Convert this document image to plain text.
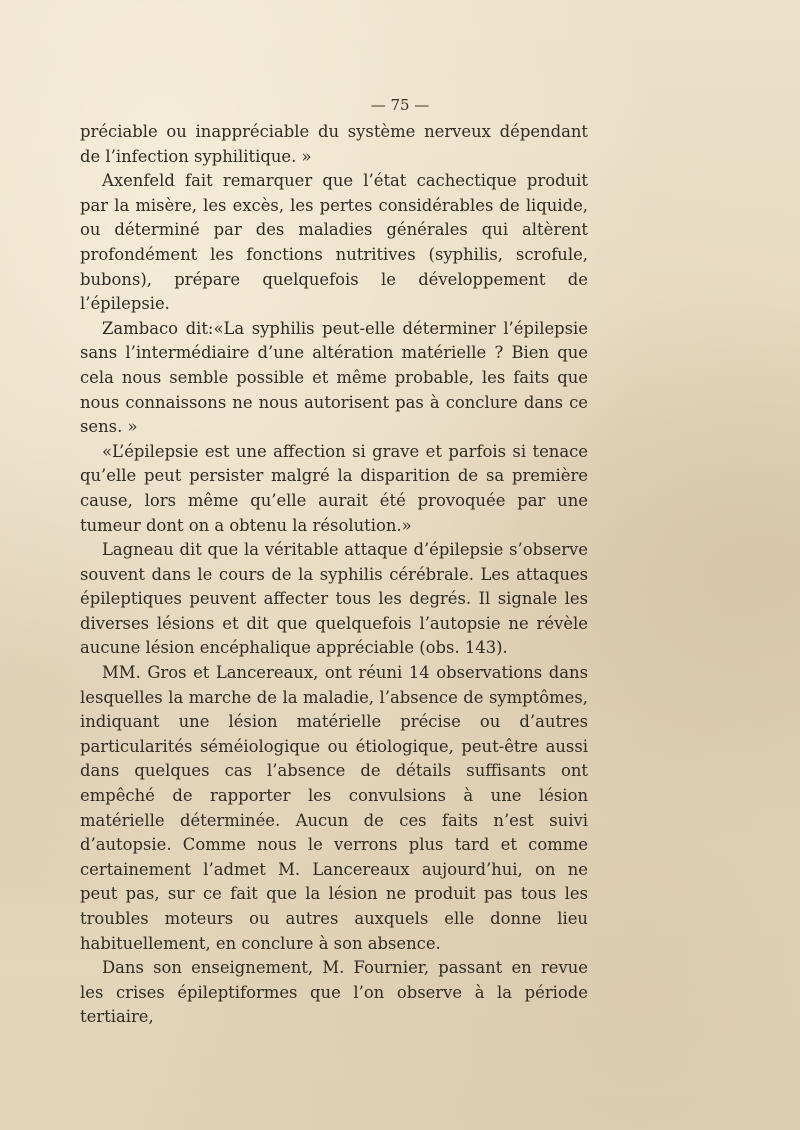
— 75 —

préciable ou inappréciable du système nerveux dépendant de l’infection syphilitique. »

Axenfeld fait remarquer que l’état cachectique produit par la misère, les excès, les pertes considérables de liquide, ou déterminé par des maladies générales qui altèrent profondément les fonctions nutritives (syphilis, scrofule, bubons), prépare quelquefois le développement de l’épilepsie.

Zambaco dit:«La syphilis peut-elle déterminer l’épilepsie sans l’intermédiaire d’une altération matérielle ? Bien que cela nous semble possible et même probable, les faits que nous connaissons ne nous autorisent pas à conclure dans ce sens. »

«L’épilepsie est une affection si grave et parfois si tenace qu’elle peut persister malgré la disparition de sa première cause, lors même qu’elle aurait été provoquée par une tumeur dont on a obtenu la résolution.»

Lagneau dit que la véritable attaque d’épilepsie s’observe souvent dans le cours de la syphilis cérébrale. Les attaques épileptiques peuvent affecter tous les degrés. Il signale les diverses lésions et dit que quelquefois l’autopsie ne révèle aucune lésion encéphalique appréciable (obs. 143).

MM. Gros et Lancereaux, ont réuni 14 observations dans lesquelles la marche de la maladie, l’absence de symptômes, indiquant une lésion matérielle précise ou d’autres particularités séméiologique ou étiologique, peut-être aussi dans quelques cas l’absence de détails suffisants ont empêché de rapporter les convulsions à une lésion matérielle déterminée. Aucun de ces faits n’est suivi d’autopsie. Comme nous le verrons plus tard et comme certainement l’admet M. Lancereaux aujourd’hui, on ne peut pas, sur ce fait que la lésion ne produit pas tous les troubles moteurs ou autres auxquels elle donne lieu habituellement, en conclure à son absence.

Dans son enseignement, M. Fournier, passant en revue les crises épileptiformes que l’on observe à la période tertiaire,
